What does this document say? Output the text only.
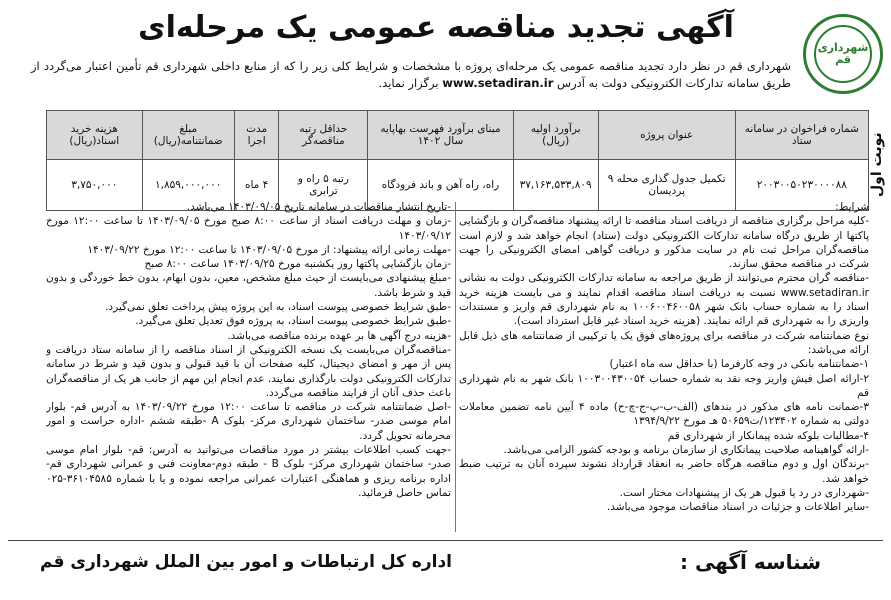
شهرداری قم
آگهی تجدید مناقصه عمومی یک مرحله‌ای
شهرداری قم در نظر دارد تجدید مناقصه عمومی یک مرحله‌ای پروژه با مشخصات و شرایط کلی زیر را که از منابع داخلی شهرداری قم تأمین اعتبار می‌گردد از طریق سامانه تدارکات الکترونیکی دولت به آدرس www.setadiran.ir برگزار نماید.
نوبت اول
شماره فراخوان در سامانه ستاد	عنوان پروژه	برآورد اولیه (ریال)	مبنای برآورد فهرست بهاپایه سال ۱۴۰۲	حداقل رتبه مناقصه‌گر	مدت اجرا	مبلغ ضمانتنامه(ریال)	هزینه خرید اسناد(ریال)
۲۰۰۳۰۰۵۰۲۳۰۰۰۰۸۸	تکمیل جدول گذاری محله ۹ پردیسان	۳۷,۱۶۳,۵۳۳,۸۰۹	راه، راه آهن و باند فرودگاه	رتبه ۵ راه و ترابری	۴ ماه	۱,۸۵۹,۰۰۰,۰۰۰	۳,۷۵۰,۰۰۰

شرایط:

-کلیه مراحل برگزاری مناقصه از دریافت اسناد مناقصه تا ارائه پیشنهاد مناقصه‌گران و بازگشایی پاکتها از طریق درگاه سامانه تدارکات الکترونیکی دولت (ستاد) انجام خواهد شد و لازم است مناقصه‌گران مراحل ثبت نام در سایت مذکور و دریافت گواهی امضای الکترونیکی را جهت شرکت در مناقصه محقق سازند.

-مناقصه گران محترم می‌توانند از طریق مراجعه به سامانه تدارکات الکترونیکی دولت به نشانی www.setadiran.ir نسبت به دریافت اسناد مناقصه اقدام نمایند و می بایست هزینه خرید اسناد را به شماره حساب بانک شهر ۱۰۰۶۰۰۴۶۰۰۵۸ به نام شهرداری قم واریز و مستندات واریزی را به شهرداری قم ارائه نمایند. (هزینه خرید اسناد غیر قابل استرداد است).

نوع ضمانتنامه شرکت در مناقصه برای پروژه‌های فوق یک یا ترکیبی از ضمانتنامه های ذیل قابل ارائه می‌باشد:

۱-ضمانتنامه بانکی در وجه کارفرما (با حداقل سه ماه اعتبار)

۲-ارائه اصل فیش واریز وجه نقد به شماره حساب ۱۰۰۳۰۰۴۳۰۰۵۴ بانک شهر به نام شهرداری قم

۳-ضمانت نامه های مذکور در بندهای (الف-ب-پ-ج-چ-ح) ماده ۴ آیین نامه تضمین معاملات دولتی به شماره ۱۲۳۴۰۲/ت۵۰۶۵۹ هـ مورخ ۱۳۹۴/۹/۲۲

۴-مطالبات بلوکه شده پیمانکار از شهرداری قم

-ارائه گواهینامه صلاحیت پیمانکاری از سازمان برنامه و بودجه کشور الزامی می‌باشد.

-برندگان اول و دوم مناقصه هرگاه حاضر به انعقاد قرارداد نشوند سپرده آنان به ترتیب ضبط خواهد شد.

-شهرداری در رد یا قبول هر یک از پیشنهادات مختار است.

-سایر اطلاعات و جزئیات در اسناد مناقصات موجود می‌باشد.

-تاریخ انتشار مناقصات در سامانه تاریخ ۱۴۰۳/۰۹/۰۵ می‌باشد.

-زمان و مهلت دریافت اسناد از ساعت ۸:۰۰ صبح مورخ ۱۴۰۳/۰۹/۰۵ تا ساعت ۱۲:۰۰ مورخ ۱۴۰۳/۰۹/۱۲

-مهلت زمانی ارائه پیشنهاد: از مورخ ۱۴۰۳/۰۹/۰۵ تا ساعت ۱۲:۰۰ مورخ ۱۴۰۳/۰۹/۲۲

-زمان بازگشایی پاکتها روز یکشنبه مورخ ۱۴۰۳/۰۹/۲۵ ساعت ۸:۰۰ صبح

-مبلغ پیشنهادی می‌بایست از حیث مبلغ مشخص، معین، بدون ابهام، بدون خط خوردگی و بدون قید و شرط باشد.

-طبق شرایط خصوصی پیوست اسناد، به این پروژه پیش پرداخت تعلق نمی‌گیرد.

-طبق شرایط خصوصی پیوست اسناد، به پروژه فوق تعدیل تعلق می‌گیرد.

-هزینه درج آگهی ها بر عهده برنده مناقصه می‌باشد.

-مناقصه‌گران می‌بایست یک نسخه الکترونیکی از اسناد مناقصه را از سامانه ستاد دریافت و پس از مهر و امضای دیجیتال، کلیه صفحات آن با قید قبولی و بدون قید و شرط در سامانه تدارکات الکترونیکی دولت بارگذاری نمایند. عدم انجام این مهم از جانب هر یک از مناقصه‌گران باعث حذف آنان از فرایند مناقصه می‌گردد.

-اصل ضمانتنامه شرکت در مناقصه تا ساعت ۱۲:۰۰ مورخ ۱۴۰۳/۰۹/۲۲ به آدرس قم- بلوار امام موسی صدر- ساختمان شهرداری مرکز- بلوک A -طبقه ششم -اداره حراست و امور محرمانه تحویل گردد.

-جهت کسب اطلاعات بیشتر در مورد مناقصات می‌توانید به آدرس: قم- بلوار امام موسی صدر- ساختمان شهرداری مرکز- بلوک B - طبقه دوم-معاونت فنی و عمرانی شهرداری قم- اداره برنامه ریزی و هماهنگی اعتبارات عمرانی مراجعه نموده و یا با شماره ۳۶۱۰۴۵۸۵-۰۲۵ تماس حاصل فرمائید.

شناسه آگهی :
اداره کل ارتباطات و امور بین الملل شهرداری قم
